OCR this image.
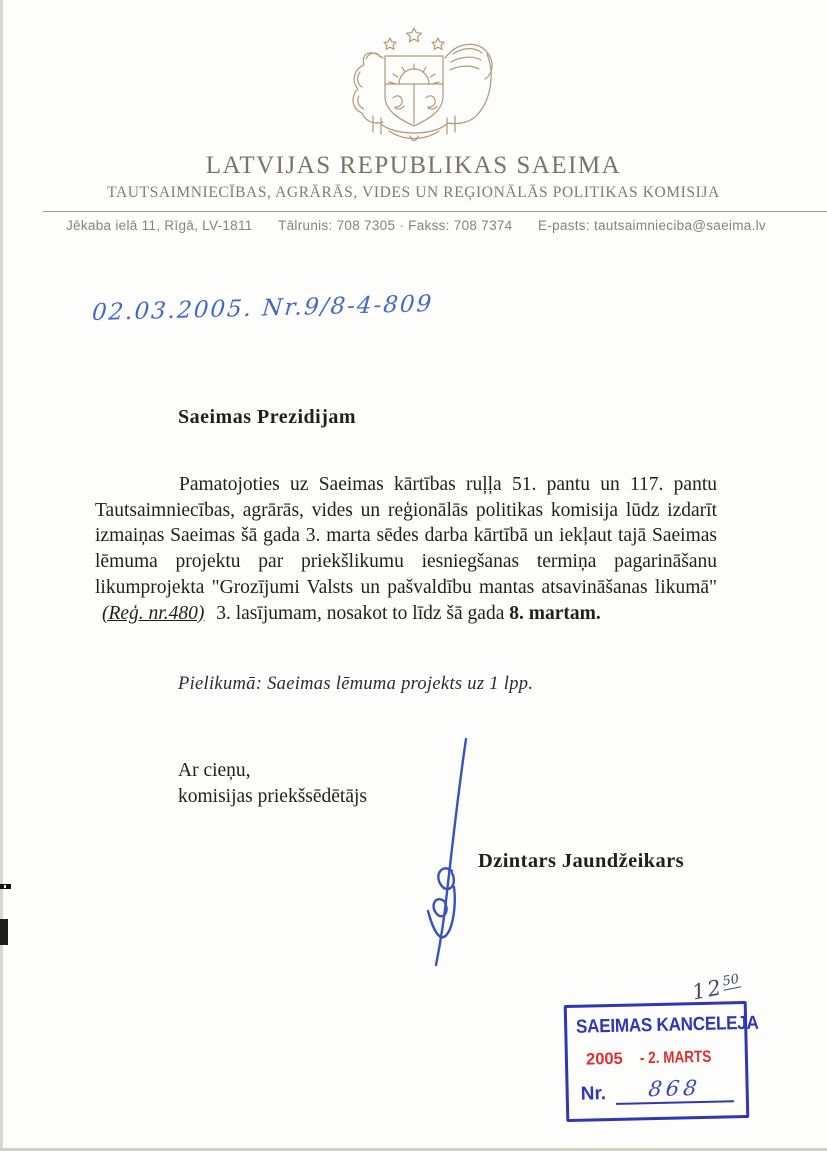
LATVIJAS REPUBLIKAS SAEIMA
TAUTSAIMNIECĪBAS, AGRĀRĀS, VIDES UN REĢIONĀLĀS POLITIKAS KOMISIJA
Jēkaba ielā 11, Rīgā, LV-1811 Tālrunis: 708 7305 · Fakss: 708 7374 E-pasts: tautsaimnieciba@saeima.lv
02.03.2005. Nr.9/8-4-809
Saeimas Prezidijam

Pamatojoties uz Saeimas kārtības ruļļa 51. pantu un 117. pantu Tautsaimniecības, agrārās, vides un reģionālās politikas komisija lūdz izdarīt izmaiņas Saeimas šā gada 3. marta sēdes darba kārtībā un iekļaut tajā Saeimas lēmuma projektu par priekšlikumu iesniegšanas termiņa pagarināšanu likumprojekta "Grozījumi Valsts un pašvaldību mantas atsavināšanas likumā" (Reģ. nr.480) 3. lasījumam, nosakot to līdz šā gada 8. martam.

Pielikumā: Saeimas lēmuma projekts uz 1 lpp.
Ar cieņu,
komisijas priekšsēdētājs
Dzintars Jaundžeikars
$12^{50}$
SAEIMAS KANCELEJA
2005 - 2. MARTS
Nr.	868
